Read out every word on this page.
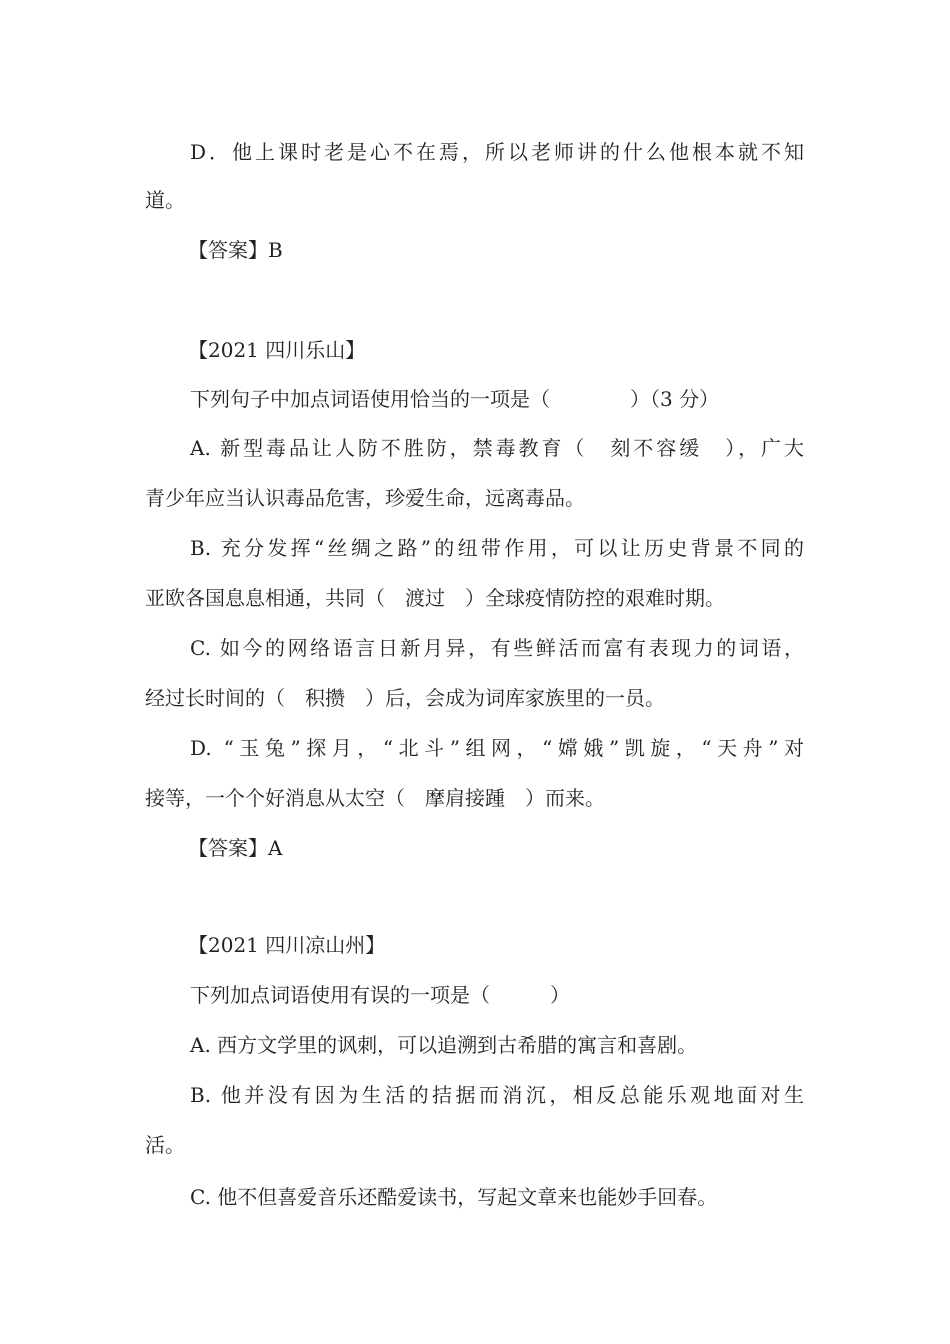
D．他上课时老是心不在焉，所以老师讲的什么他根本就不知
道。
【答案】B
【2021 四川乐山】
下列句子中加点词语使用恰当的一项是（　　　　）（3 分）
A. 新型毒品让人防不胜防，禁毒教育（　刻不容缓　），广大
青少年应当认识毒品危害，珍爱生命，远离毒品。
B. 充分发挥“丝绸之路”的纽带作用，可以让历史背景不同的
亚欧各国息息相通，共同（　渡过　）全球疫情防控的艰难时期。
C. 如今的网络语言日新月异，有些鲜活而富有表现力的词语，
经过长时间的（　积攒　）后，会成为词库家族里的一员。
D. “玉兔”探月，“北斗”组网，“嫦娥”凯旋，“天舟”对
接等，一个个好消息从太空（　摩肩接踵　）而来。
【答案】A
【2021 四川凉山州】
下列加点词语使用有误的一项是（　　　）
A. 西方文学里的讽刺，可以追溯到古希腊的寓言和喜剧。
B. 他并没有因为生活的拮据而消沉，相反总能乐观地面对生
活。
C. 他不但喜爱音乐还酷爱读书，写起文章来也能妙手回春。
